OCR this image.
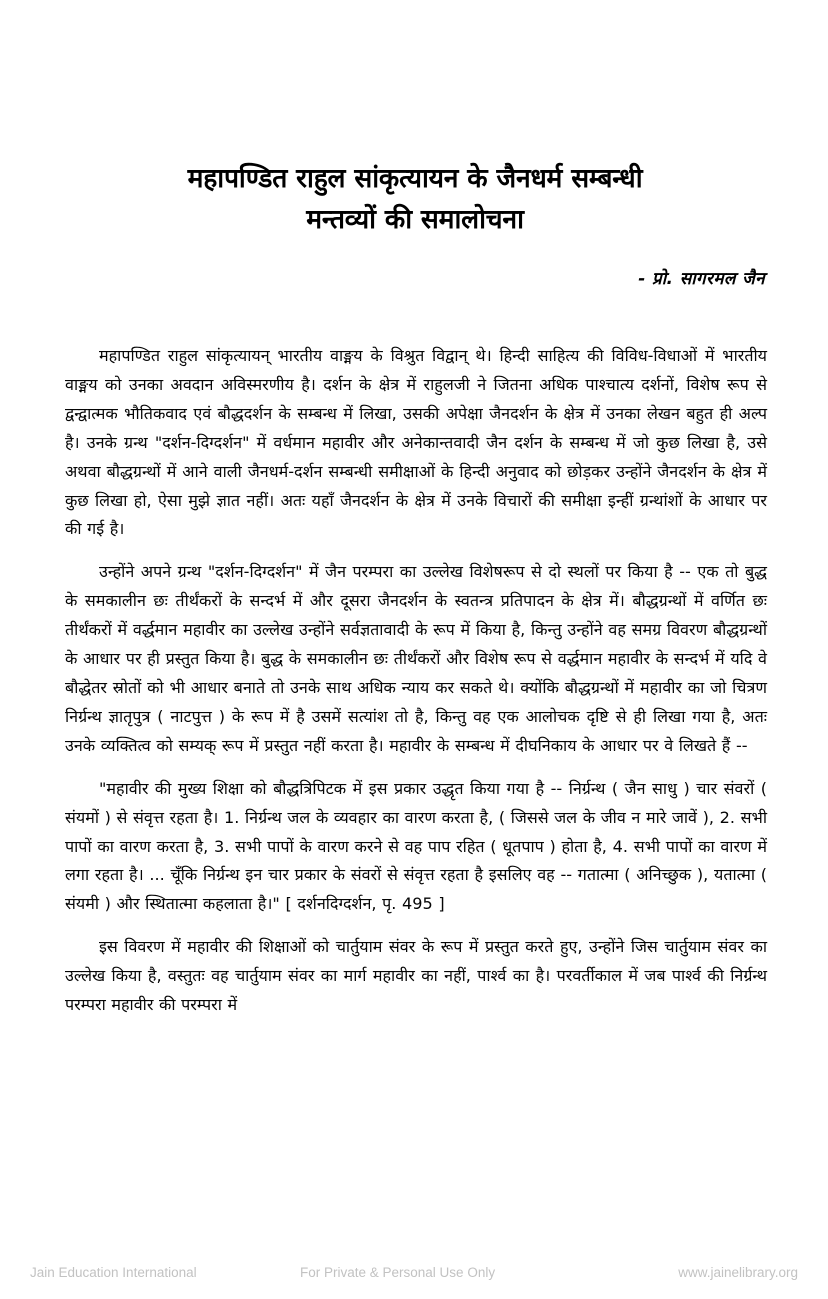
महापण्डित राहुल सांकृत्यायन के जैनधर्म सम्बन्धी
मन्तव्यों की समालोचना
- प्रो. सागरमल जैन

महापण्डित राहुल सांकृत्यायन् भारतीय वाङ्मय के विश्रुत विद्वान् थे। हिन्दी साहित्य की विविध-विधाओं में भारतीय वाङ्मय को उनका अवदान अविस्मरणीय है। दर्शन के क्षेत्र में राहुलजी ने जितना अधिक पाश्चात्य दर्शनों, विशेष रूप से द्वन्द्वात्मक भौतिकवाद एवं बौद्धदर्शन के सम्बन्ध में लिखा, उसकी अपेक्षा जैनदर्शन के क्षेत्र में उनका लेखन बहुत ही अल्प है। उनके ग्रन्थ "दर्शन-दिग्दर्शन" में वर्धमान महावीर और अनेकान्तवादी जैन दर्शन के सम्बन्ध में जो कुछ लिखा है, उसे अथवा बौद्धग्रन्थों में आने वाली जैनधर्म-दर्शन सम्बन्धी समीक्षाओं के हिन्दी अनुवाद को छोड़कर उन्होंने जैनदर्शन के क्षेत्र में कुछ लिखा हो, ऐसा मुझे ज्ञात नहीं। अतः यहाँ जैनदर्शन के क्षेत्र में उनके विचारों की समीक्षा इन्हीं ग्रन्थांशों के आधार पर की गई है।

उन्होंने अपने ग्रन्थ "दर्शन-दिग्दर्शन" में जैन परम्परा का उल्लेख विशेषरूप से दो स्थलों पर किया है -- एक तो बुद्ध के समकालीन छः तीर्थंकरों के सन्दर्भ में और दूसरा जैनदर्शन के स्वतन्त्र प्रतिपादन के क्षेत्र में। बौद्धग्रन्थों में वर्णित छः तीर्थंकरों में वर्द्धमान महावीर का उल्लेख उन्होंने सर्वज्ञतावादी के रूप में किया है, किन्तु उन्होंने वह समग्र विवरण बौद्धग्रन्थों के आधार पर ही प्रस्तुत किया है। बुद्ध के समकालीन छः तीर्थंकरों और विशेष रूप से वर्द्धमान महावीर के सन्दर्भ में यदि वे बौद्धेतर स्रोतों को भी आधार बनाते तो उनके साथ अधिक न्याय कर सकते थे। क्योंकि बौद्धग्रन्थों में महावीर का जो चित्रण निर्ग्रन्थ ज्ञातृपुत्र ( नाटपुत्त ) के रूप में है उसमें सत्यांश तो है, किन्तु वह एक आलोचक दृष्टि से ही लिखा गया है, अतः उनके व्यक्तित्व को सम्यक् रूप में प्रस्तुत नहीं करता है। महावीर के सम्बन्ध में दीघनिकाय के आधार पर वे लिखते हैं --

"महावीर की मुख्य शिक्षा को बौद्धत्रिपिटक में इस प्रकार उद्धृत किया गया है -- निर्ग्रन्थ ( जैन साधु ) चार संवरों ( संयमों ) से संवृत्त रहता है। 1. निर्ग्रन्थ जल के व्यवहार का वारण करता है, ( जिससे जल के जीव न मारे जावें ), 2. सभी पापों का वारण करता है, 3. सभी पापों के वारण करने से वह पाप रहित ( धूतपाप ) होता है, 4. सभी पापों का वारण में लगा रहता है। ... चूँकि निर्ग्रन्थ इन चार प्रकार के संवरों से संवृत्त रहता है इसलिए वह -- गतात्मा ( अनिच्छुक ), यतात्मा ( संयमी ) और स्थितात्मा कहलाता है।" [ दर्शनदिग्दर्शन, पृ. 495 ]

इस विवरण में महावीर की शिक्षाओं को चार्तुयाम संवर के रूप में प्रस्तुत करते हुए, उन्होंने जिस चार्तुयाम संवर का उल्लेख किया है, वस्तुतः वह चार्तुयाम संवर का मार्ग महावीर का नहीं, पार्श्व का है। परवर्तीकाल में जब पार्श्व की निर्ग्रन्थ परम्परा महावीर की परम्परा में

Jain Education International	For Private & Personal Use Only	www.jainelibrary.org
